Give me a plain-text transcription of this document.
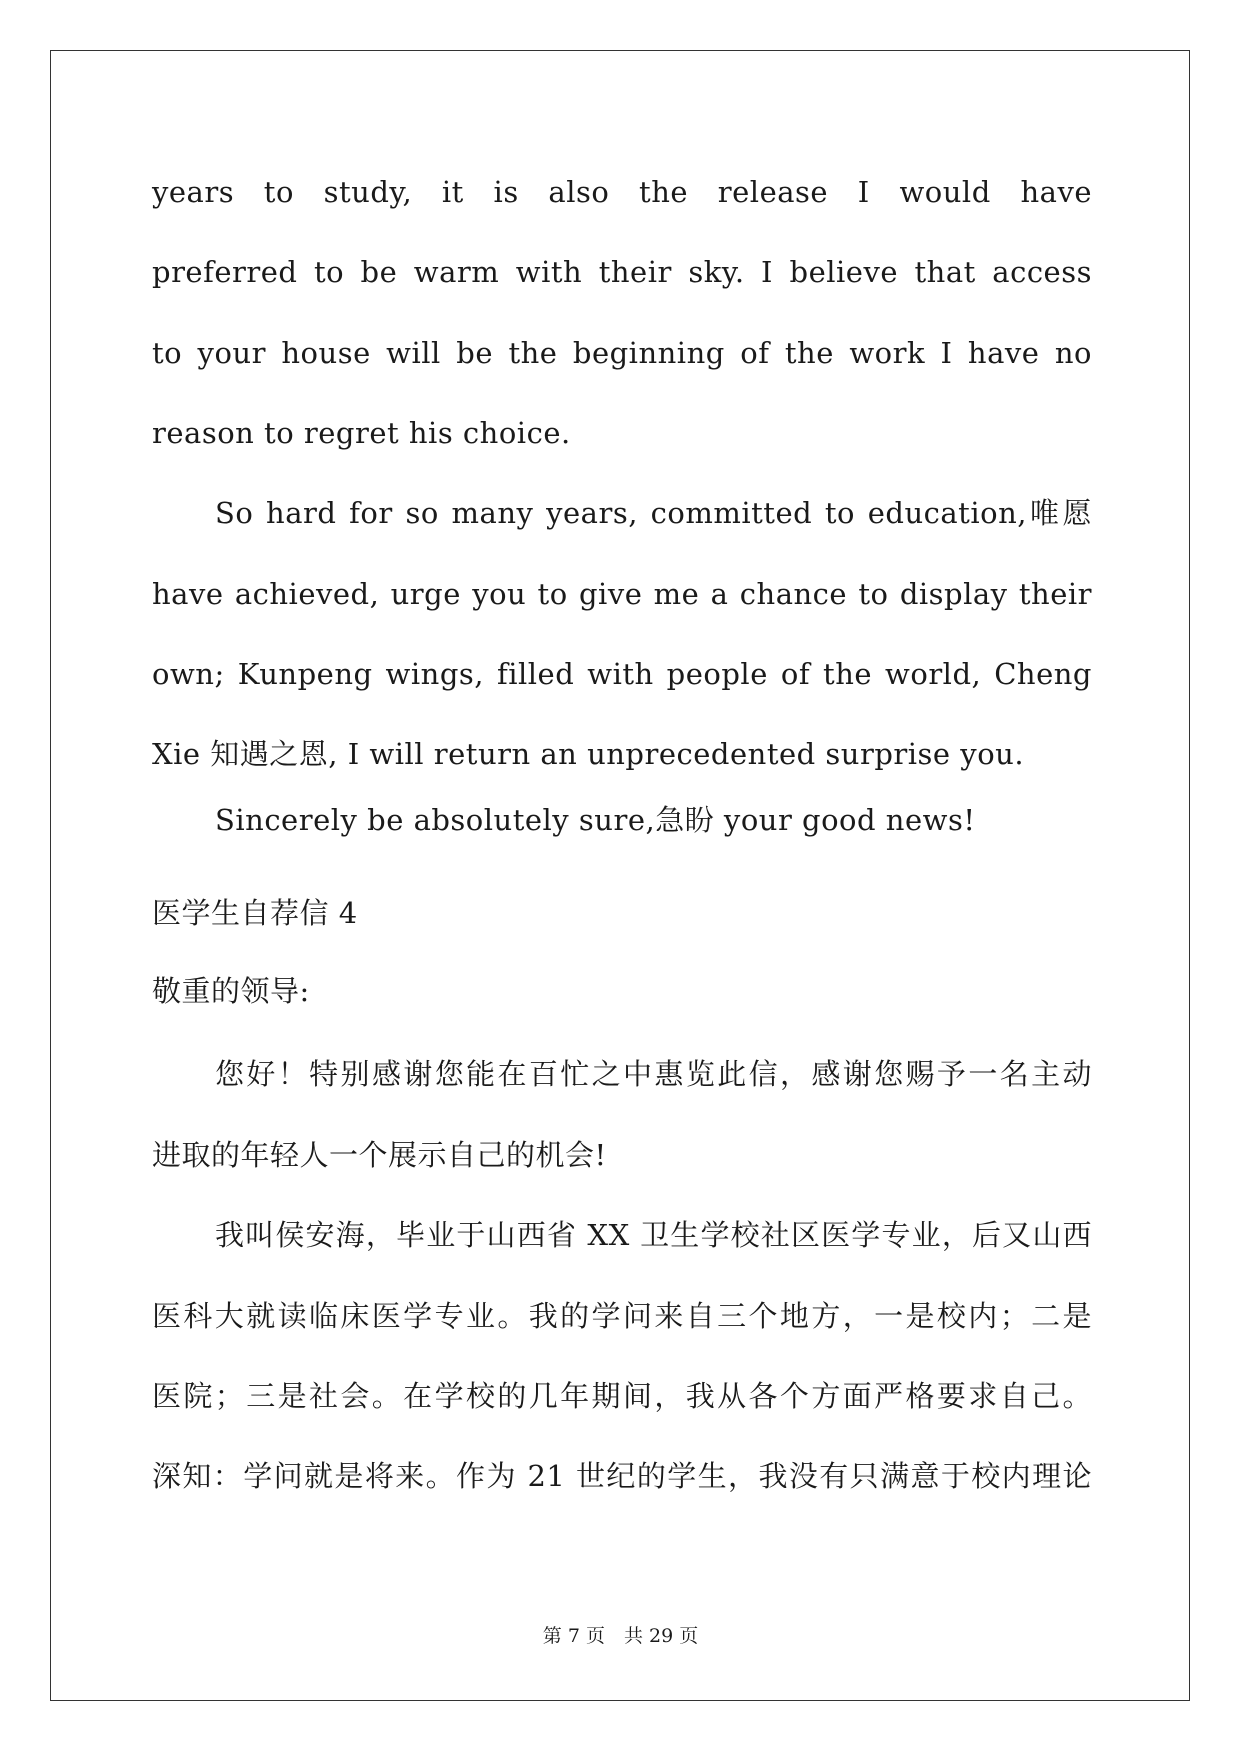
years to study, it is also the release I would have
preferred to be warm with their sky. I believe that access
to your house will be the beginning of the work I have no
reason to regret his choice.
So hard for so many years, committed to education,唯愿
have achieved, urge you to give me a chance to display their
own; Kunpeng wings, filled with people of the world, Cheng
Xie 知遇之恩, I will return an unprecedented surprise you.
Sincerely be absolutely sure,急盼 your good news!
医学生自荐信 4
敬重的领导:
您好！特别感谢您能在百忙之中惠览此信，感谢您赐予一名主动
进取的年轻人一个展示自己的机会!
我叫侯安海，毕业于山西省 XX 卫生学校社区医学专业，后又山西
医科大就读临床医学专业。我的学问来自三个地方，一是校内；二是
医院；三是社会。在学校的几年期间，我从各个方面严格要求自己。
深知：学问就是将来。作为 21 世纪的学生，我没有只满意于校内理论
第 7 页　共 29 页
